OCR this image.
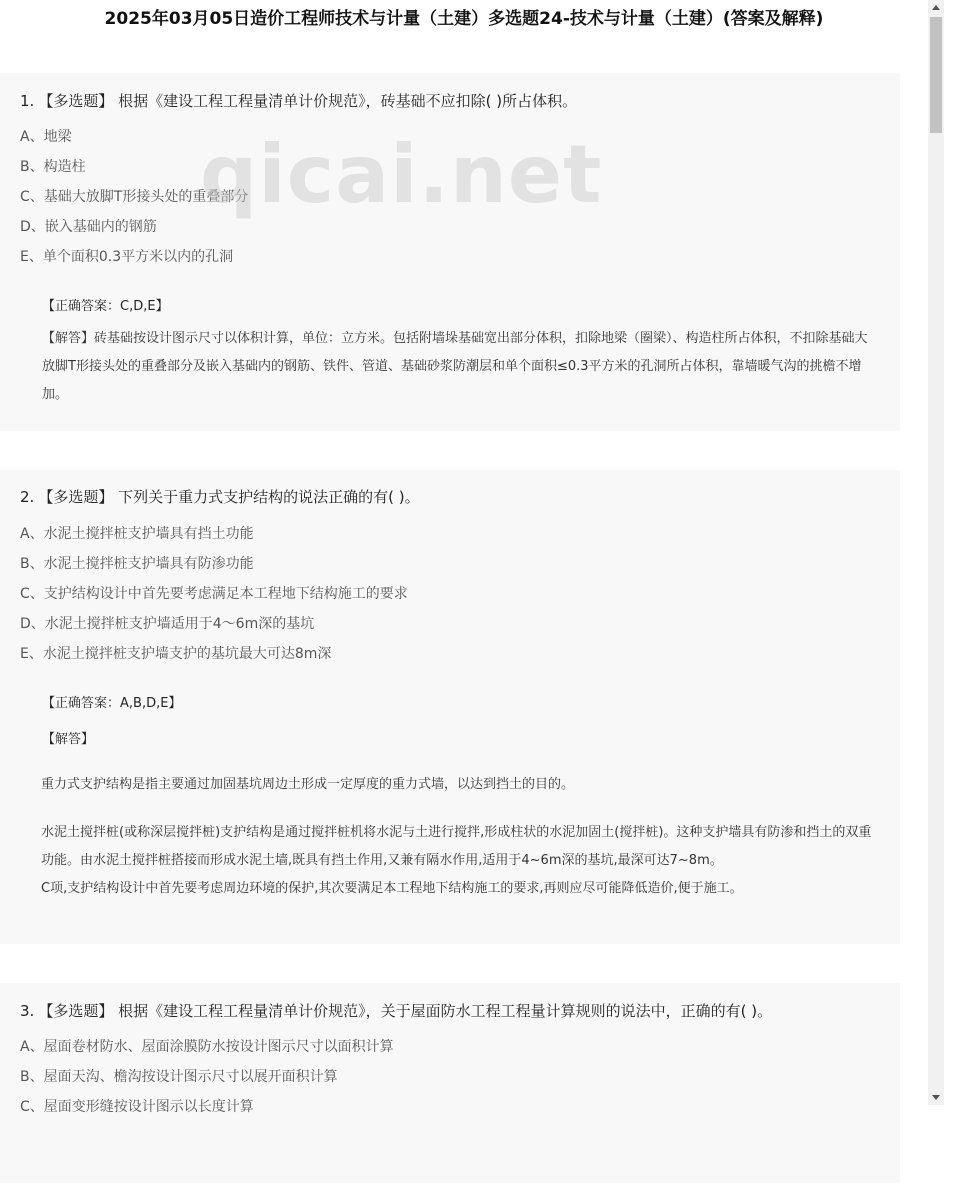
2025年03月05日造价工程师技术与计量（土建）多选题24-技术与计量（土建）(答案及解释)
1. 【多选题】 根据《建设工程工程量清单计价规范》，砖基础不应扣除( )所占体积。
A、地梁
B、构造柱
C、基础大放脚T形接头处的重叠部分
D、嵌入基础内的钢筋
E、单个面积0.3平方米以内的孔洞
【正确答案：C,D,E】
【解答】砖基础按设计图示尺寸以体积计算，单位：立方米。包括附墙垛基础宽出部分体积，扣除地梁（圈梁）、构造柱所占体积，不扣除基础大放脚T形接头处的重叠部分及嵌入基础内的钢筋、铁件、管道、基础砂浆防潮层和单个面积≤0.3平方米的孔洞所占体积，靠墙暖气沟的挑檐不增加。
2. 【多选题】 下列关于重力式支护结构的说法正确的有( )。
A、水泥土搅拌桩支护墙具有挡土功能
B、水泥土搅拌桩支护墙具有防渗功能
C、支护结构设计中首先要考虑满足本工程地下结构施工的要求
D、水泥土搅拌桩支护墙适用于4～6m深的基坑
E、水泥土搅拌桩支护墙支护的基坑最大可达8m深
【正确答案：A,B,D,E】
【解答】
重力式支护结构是指主要通过加固基坑周边土形成一定厚度的重力式墙，以达到挡土的目的。
水泥土搅拌桩(或称深层搅拌桩)支护结构是通过搅拌桩机将水泥与土进行搅拌,形成柱状的水泥加固土(搅拌桩)。这种支护墙具有防渗和挡土的双重功能。由水泥土搅拌桩搭接而形成水泥土墙,既具有挡土作用,又兼有隔水作用,适用于4~6m深的基坑,最深可达7~8m。
C项,支护结构设计中首先要考虑周边环境的保护,其次要满足本工程地下结构施工的要求,再则应尽可能降低造价,便于施工。
3. 【多选题】 根据《建设工程工程量清单计价规范》，关于屋面防水工程工程量计算规则的说法中，正确的有( )。
A、屋面卷材防水、屋面涂膜防水按设计图示尺寸以面积计算
B、屋面天沟、檐沟按设计图示尺寸以展开面积计算
C、屋面变形缝按设计图示以长度计算
qicai.net
